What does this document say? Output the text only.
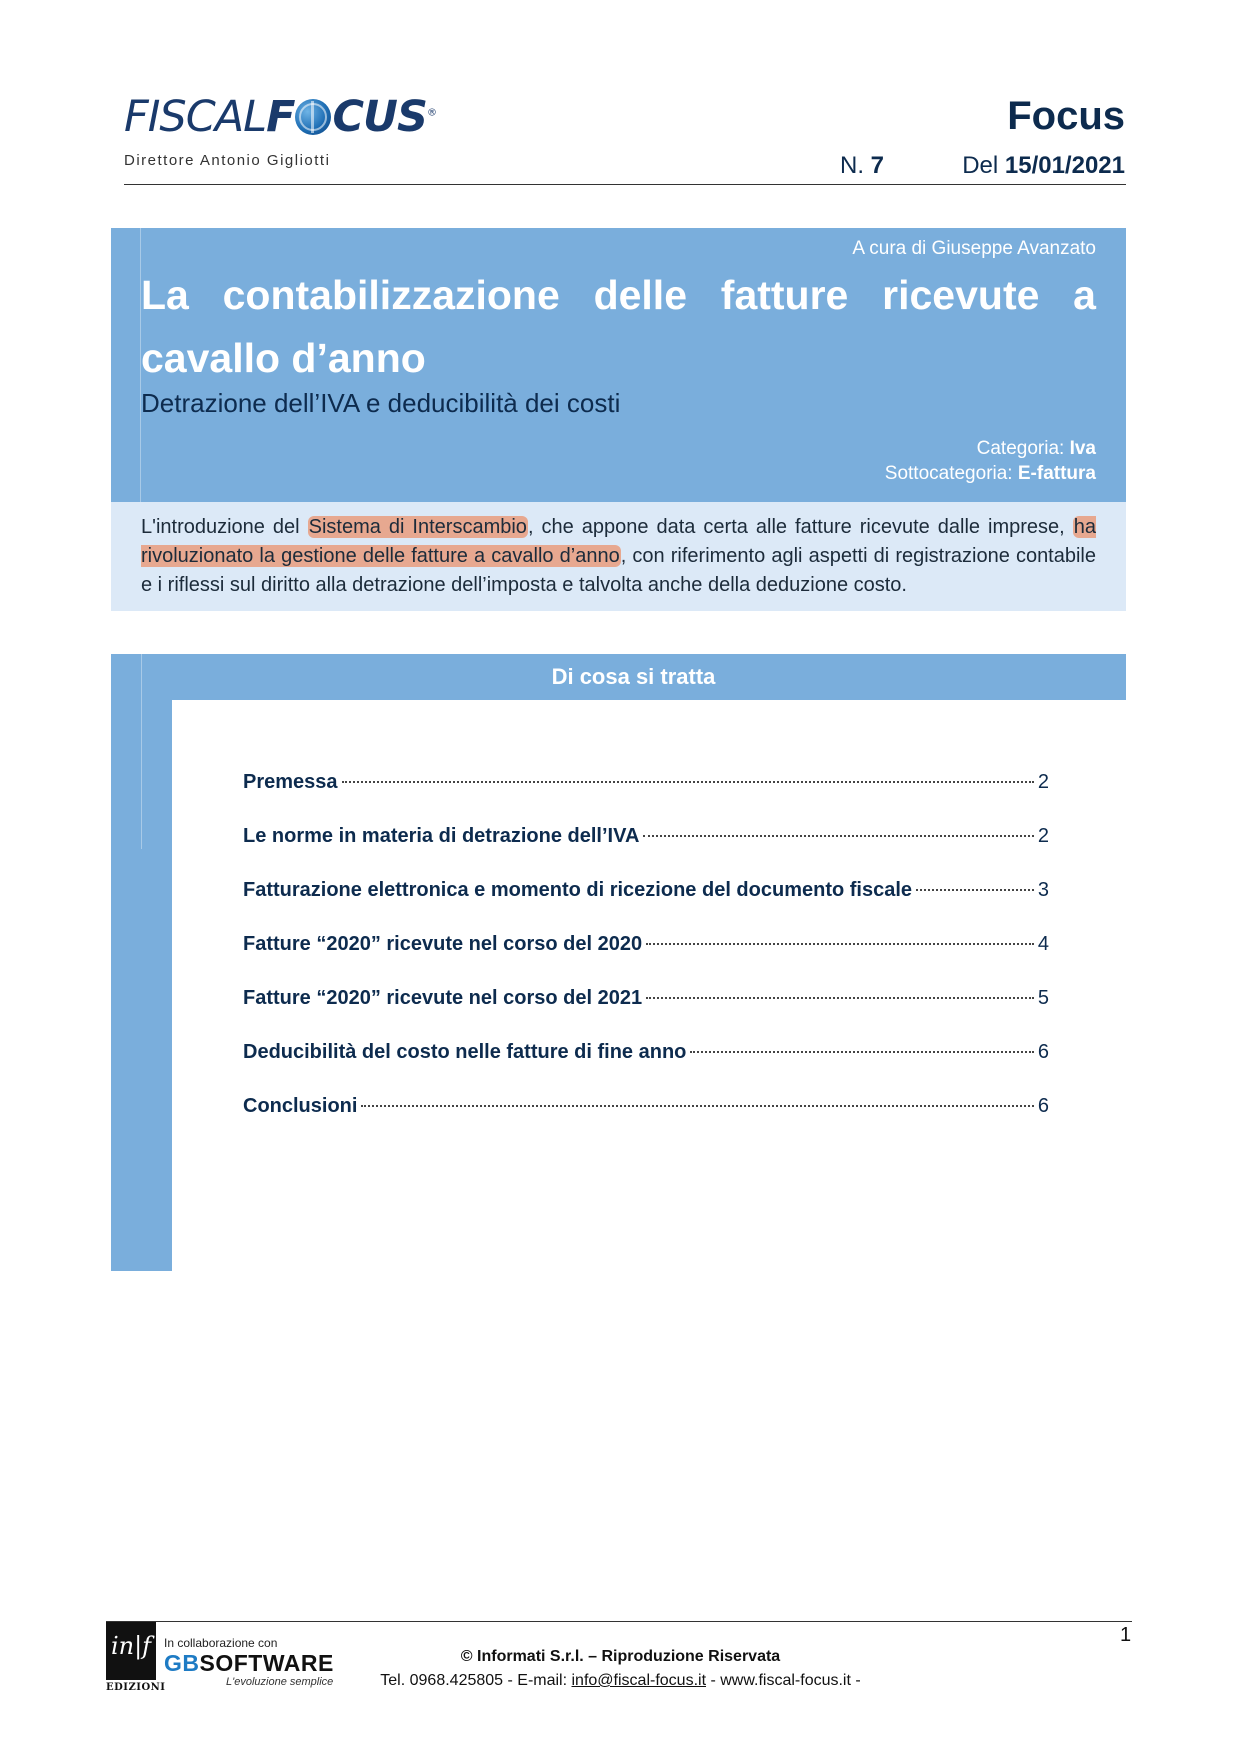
FISCALF CUS®
Direttore Antonio Gigliotti
Focus
N. 7	Del 15/01/2021
A cura di Giuseppe Avanzato
La contabilizzazione delle fatture ricevute a cavallo d’anno
Detrazione dell’IVA e deducibilità dei costi
Categoria: Iva
Sottocategoria: E-fattura
L'introduzione del Sistema di Interscambio, che appone data certa alle fatture ricevute dalle imprese, ha rivoluzionato la gestione delle fatture a cavallo d’anno, con riferimento agli aspetti di registrazione contabile e i riflessi sul diritto alla detrazione dell’imposta e talvolta anche della deduzione costo.
Di cosa si tratta
Premessa	2
Le norme in materia di detrazione dell’IVA	2
Fatturazione elettronica e momento di ricezione del documento fiscale	3
Fatture “2020” ricevute nel corso del 2020	4
Fatture “2020” ricevute nel corso del 2021	5
Deducibilità del costo nelle fatture di fine anno	6
Conclusioni	6
in|f
EDIZIONI
In collaborazione con
GBSOFTWARE
L'evoluzione semplice
© Informati S.r.l. – Riproduzione Riservata
Tel. 0968.425805 - E-mail: info@fiscal-focus.it - www.fiscal-focus.it -
1
